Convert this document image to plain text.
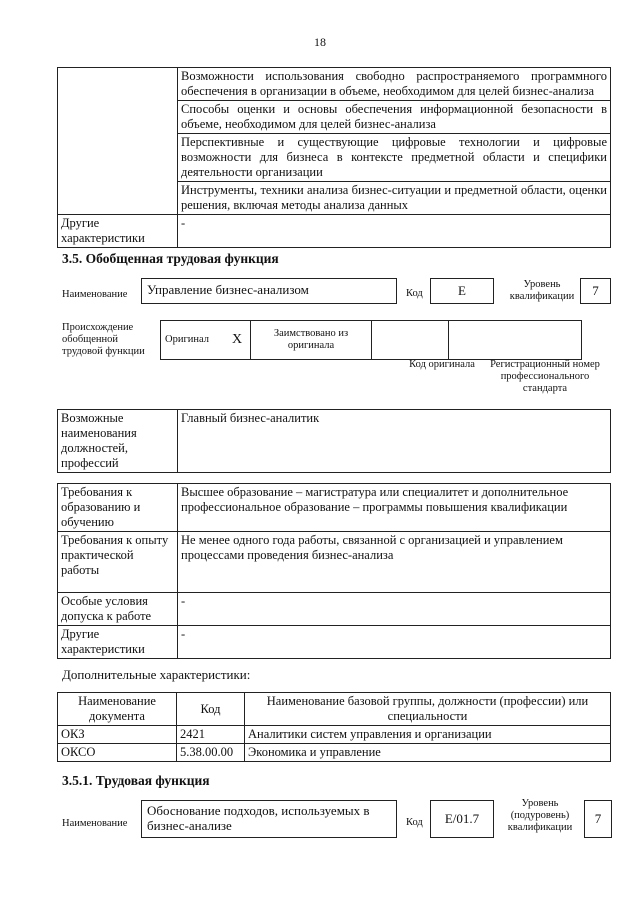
18
	Возможности использования свободно распространяемого программного обеспечения в организации в объеме, необходимом для целей бизнес-анализа
	Способы оценки и основы обеспечения информационной безопасности в объеме, необходимом для целей бизнес-анализа
	Перспективные и существующие цифровые технологии и цифровые возможности для бизнеса в контексте предметной области и специфики деятельности организации
	Инструменты, техники анализа бизнес-ситуации и предметной области, оценки решения, включая методы анализа данных
Другие характеристики	-
3.5. Обобщенная трудовая функция
Наименование	Управление бизнес-анализом	Код	E	Уровень квалификации	7
Происхождение обобщенной трудовой функции
Оригинал	X	Заимствовано из оригинала		
Код оригинала	Регистрационный номер профессионального стандарта
Возможные наименования должностей, профессий	Главный бизнес-аналитик
Требования к образованию и обучению	Высшее образование – магистратура или специалитет и дополнительное профессиональное образование – программы повышения квалификации
Требования к опыту практической работы	Не менее одного года работы, связанной с организацией и управлением процессами проведения бизнес-анализа
Особые условия допуска к работе	-
Другие характеристики	-
Дополнительные характеристики:
Наименование документа	Код	Наименование базовой группы, должности (профессии) или специальности
ОКЗ	2421	Аналитики систем управления и организации
ОКСО	5.38.00.00	Экономика и управление
3.5.1. Трудовая функция
Наименование
Обоснование подходов, используемых в бизнес-анализе	Код	E/01.7
Уровень (подуровень) квалификации
7
